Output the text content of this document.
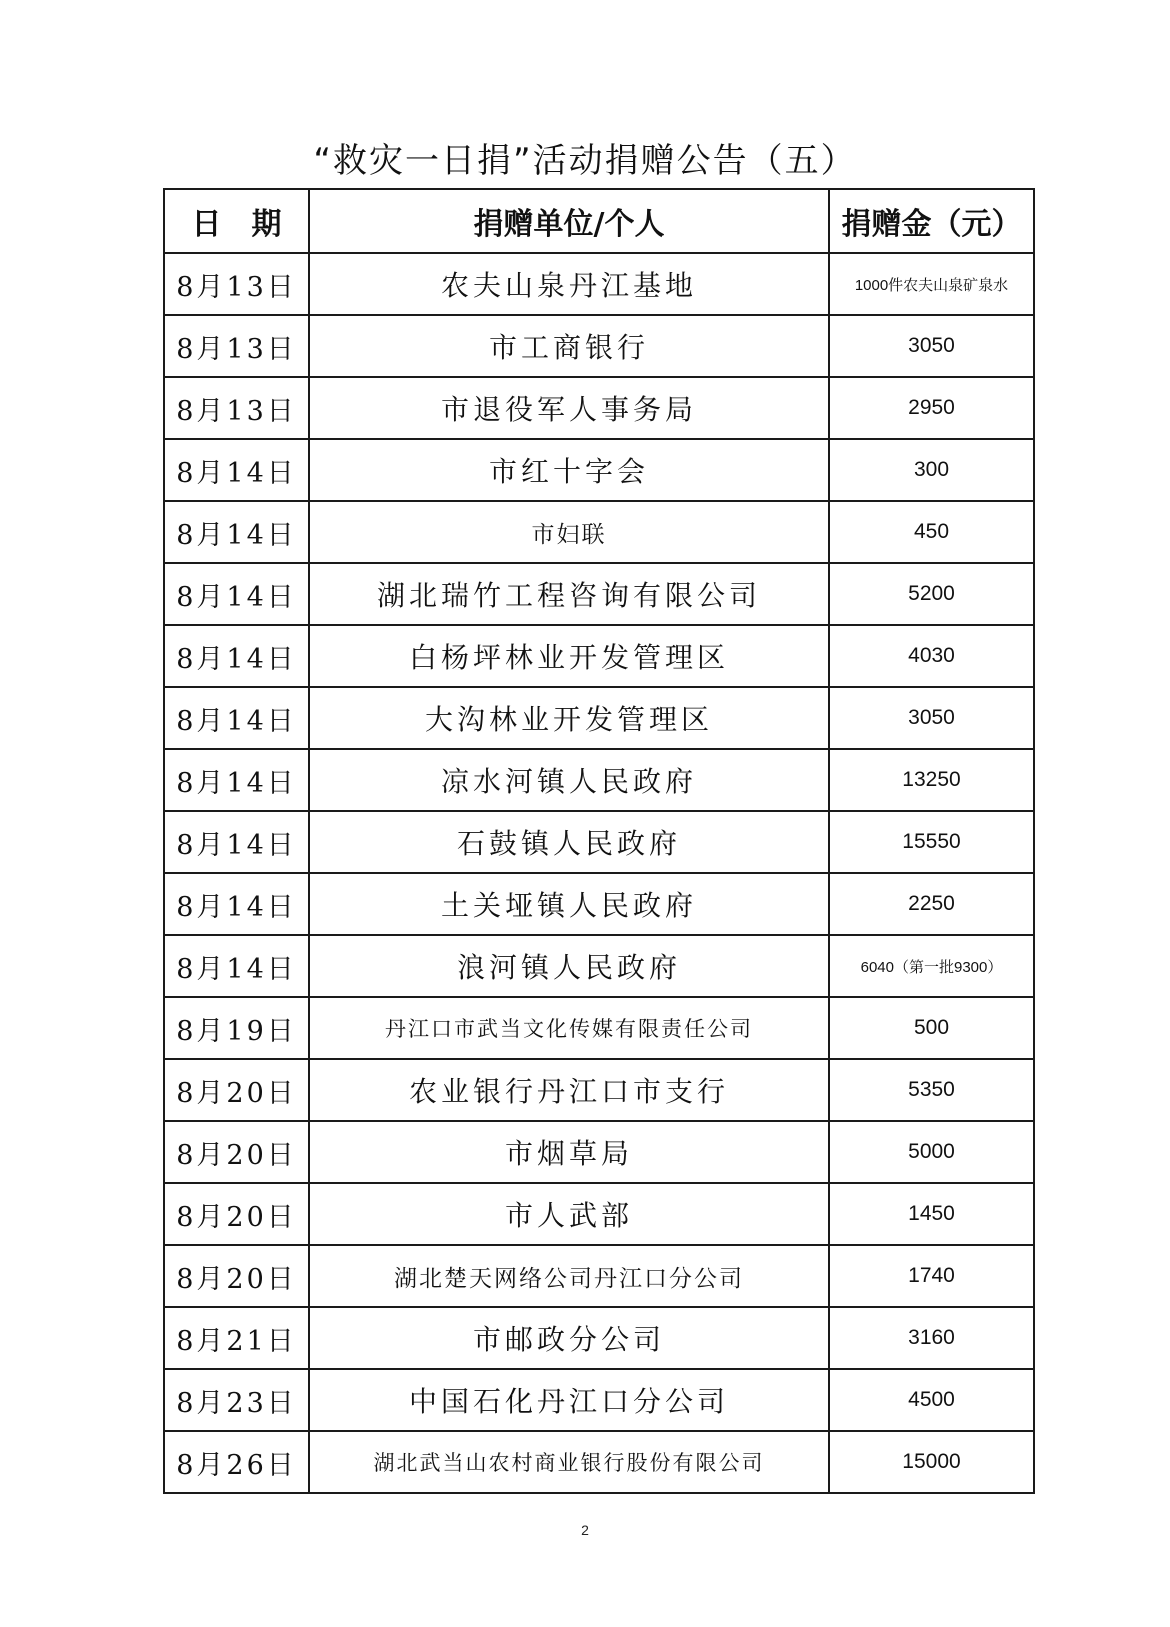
“救灾一日捐”活动捐赠公告（五）
日　期	捐赠单位/个人	捐赠金（元）
8月13日	农夫山泉丹江基地	1000件农夫山泉矿泉水
8月13日	市工商银行	3050
8月13日	市退役军人事务局	2950
8月14日	市红十字会	300
8月14日	市妇联	450
8月14日	湖北瑞竹工程咨询有限公司	5200
8月14日	白杨坪林业开发管理区	4030
8月14日	大沟林业开发管理区	3050
8月14日	凉水河镇人民政府	13250
8月14日	石鼓镇人民政府	15550
8月14日	土关垭镇人民政府	2250
8月14日	浪河镇人民政府	6040（第一批9300）
8月19日	丹江口市武当文化传媒有限责任公司	500
8月20日	农业银行丹江口市支行	5350
8月20日	市烟草局	5000
8月20日	市人武部	1450
8月20日	湖北楚天网络公司丹江口分公司	1740
8月21日	市邮政分公司	3160
8月23日	中国石化丹江口分公司	4500
8月26日	湖北武当山农村商业银行股份有限公司	15000
2
